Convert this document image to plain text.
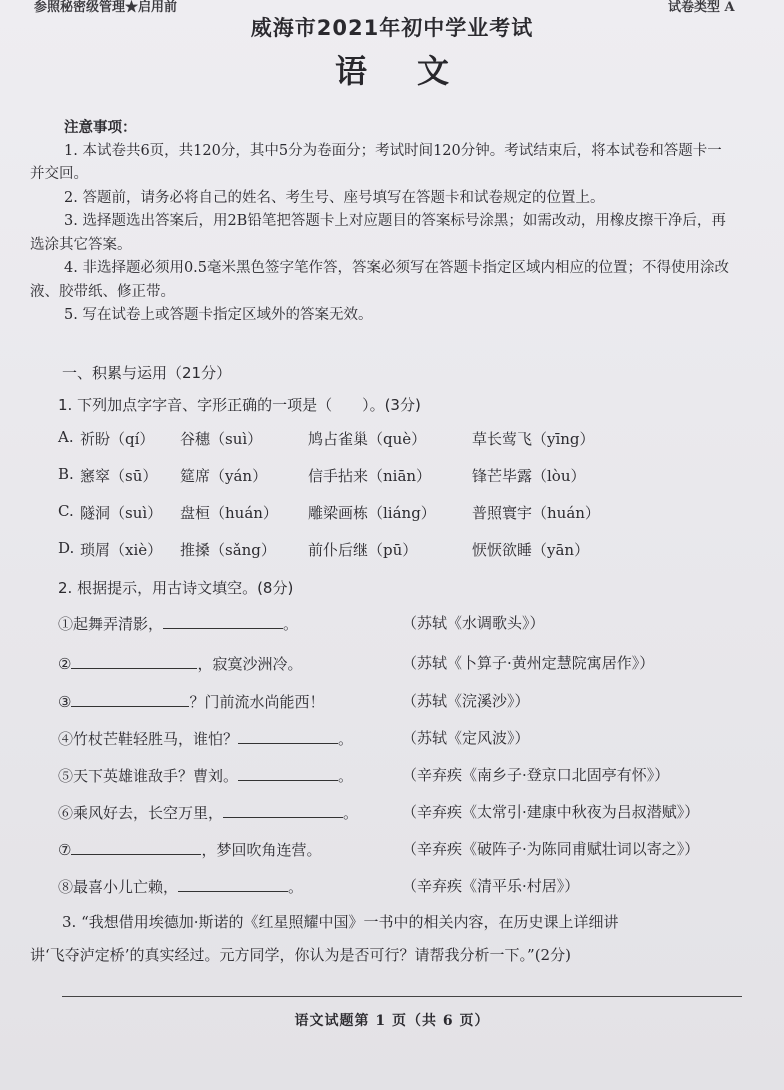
参照秘密级管理★启用前	试卷类型 A
威海市2021年初中学业考试
语文
注意事项：

1. 本试卷共6页，共120分，其中5分为卷面分；考试时间120分钟。考试结束后，将本试卷和答题卡一并交回。

2. 答题前，请务必将自己的姓名、考生号、座号填写在答题卡和试卷规定的位置上。

3. 选择题选出答案后，用2B铅笔把答题卡上对应题目的答案标号涂黑；如需改动，用橡皮擦干净后，再选涂其它答案。

4. 非选择题必须用0.5毫米黑色签字笔作答，答案必须写在答题卡指定区域内相应的位置；不得使用涂改液、胶带纸、修正带。

5. 写在试卷上或答题卡指定区域外的答案无效。

一、积累与运用（21分）
1. 下列加点字字音、字形正确的一项是（　　）。(3分)
A. 祈盼（qí） 谷穗（suì）	鸠占雀巢（què）	草长莺飞（yīng）
B. 窸窣（sū） 筵席（yán）	信手拈来（niān）	锋芒毕露（lòu）
C. 隧洞（suì） 盘桓（huán） 雕梁画栋（liáng） 普照寰宇（huán）
D. 琐屑（xiè） 推搡（sǎng） 前仆后继（pū）	恹恹欲睡（yān）
2. 根据提示，用古诗文填空。(8分)
①起舞弄清影，	。	（苏轼《水调歌头》）
②	，寂寞沙洲冷。	（苏轼《卜算子·黄州定慧院寓居作》）
③	？门前流水尚能西！	（苏轼《浣溪沙》）
④竹杖芒鞋轻胜马，谁怕？	。	（苏轼《定风波》）
⑤天下英雄谁敌手？曹刘。	。	（辛弃疾《南乡子·登京口北固亭有怀》）
⑥乘风好去，长空万里，	。	（辛弃疾《太常引·建康中秋夜为吕叔潜赋》）
⑦	，梦回吹角连营。	（辛弃疾《破阵子·为陈同甫赋壮词以寄之》）
⑧最喜小儿亡赖，	。	（辛弃疾《清平乐·村居》）

3. “我想借用埃德加·斯诺的《红星照耀中国》一书中的相关内容，在历史课上详细讲

讲‘飞夺泸定桥’的真实经过。元方同学，你认为是否可行？请帮我分析一下。”(2分)

语文试题第 1 页（共 6 页）
